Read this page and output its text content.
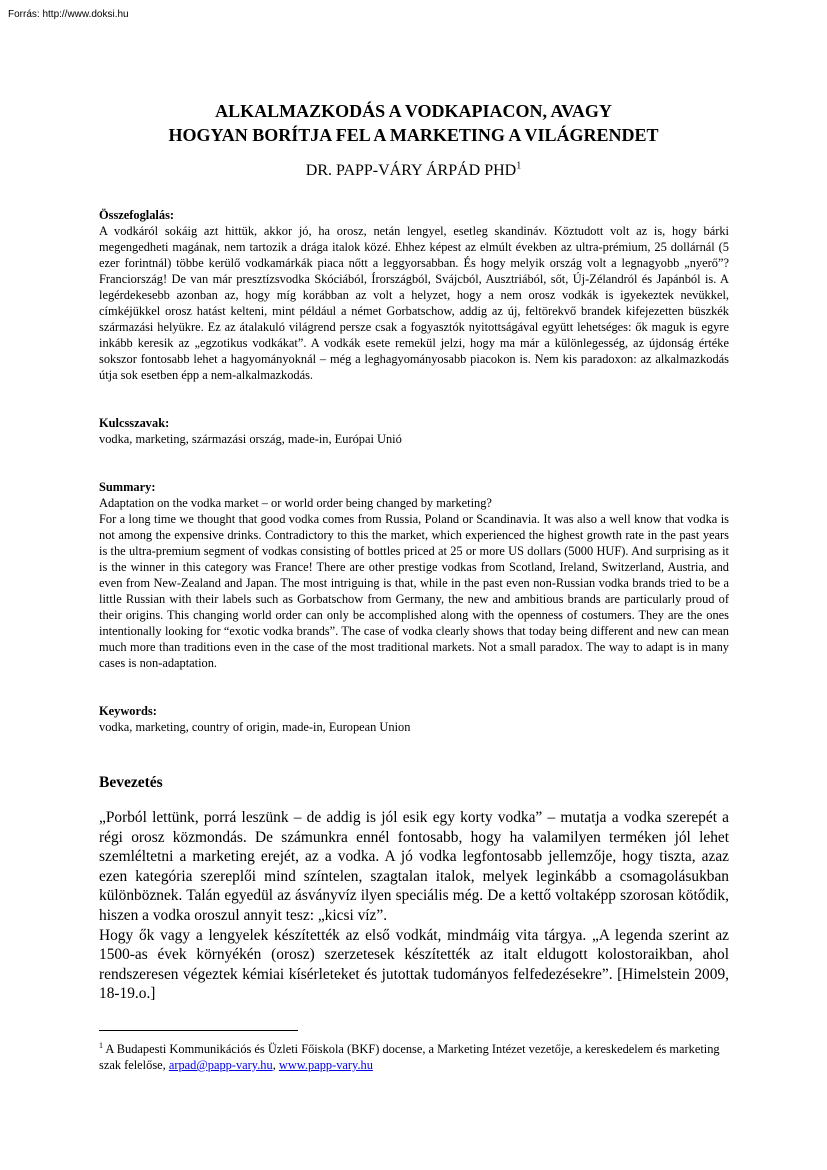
Forrás: http://www.doksi.hu
ALKALMAZKODÁS A VODKAPIACON, AVAGY
HOGYAN BORÍTJA FEL A MARKETING A VILÁGRENDET
DR. PAPP-VÁRY ÁRPÁD PHD$^1$
Összefoglalás:

A vodkáról sokáig azt hittük, akkor jó, ha orosz, netán lengyel, esetleg skandináv. Köztudott volt az is, hogy bárki megengedheti magának, nem tartozik a drága italok közé. Ehhez képest az elmúlt években az ultra-prémium, 25 dollárnál (5 ezer forintnál) többe kerülő vodkamárkák piaca nőtt a leggyorsabban. És hogy melyik ország volt a legnagyobb „nyerő”? Franciország! De van már presztízsvodka Skóciából, Írországból, Svájcból, Ausztriából, sőt, Új-Zélandról és Japánból is. A legérdekesebb azonban az, hogy míg korábban az volt a helyzet, hogy a nem orosz vodkák is igyekeztek nevükkel, címkéjükkel orosz hatást kelteni, mint például a német Gorbatschow, addig az új, feltörekvő brandek kifejezetten büszkék származási helyükre. Ez az átalakuló világrend persze csak a fogyasztók nyitottságával együtt lehetséges: ők maguk is egyre inkább keresik az „egzotikus vodkákat”. A vodkák esete remekül jelzi, hogy ma már a különlegesség, az újdonság értéke sokszor fontosabb lehet a hagyományoknál – még a leghagyományosabb piacokon is. Nem kis paradoxon: az alkalmazkodás útja sok esetben épp a nem-alkalmazkodás.

Kulcsszavak:

vodka, marketing, származási ország, made-in, Európai Unió

Summary:

Adaptation on the vodka market – or world order being changed by marketing?

For a long time we thought that good vodka comes from Russia, Poland or Scandinavia. It was also a well know that vodka is not among the expensive drinks. Contradictory to this the market, which experienced the highest growth rate in the past years is the ultra-premium segment of vodkas consisting of bottles priced at 25 or more US dollars (5000 HUF). And surprising as it is the winner in this category was France! There are other prestige vodkas from Scotland, Ireland, Switzerland, Austria, and even from New-Zealand and Japan. The most intriguing is that, while in the past even non-Russian vodka brands tried to be a little Russian with their labels such as Gorbatschow from Germany, the new and ambitious brands are particularly proud of their origins. This changing world order can only be accomplished along with the openness of costumers. They are the ones intentionally looking for “exotic vodka brands”. The case of vodka clearly shows that today being different and new can mean much more than traditions even in the case of the most traditional markets. Not a small paradox. The way to adapt is in many cases is non-adaptation.

Keywords:

vodka, marketing, country of origin, made-in, European Union

Bevezetés

„Porból lettünk, porrá leszünk – de addig is jól esik egy korty vodka” – mutatja a vodka szerepét a régi orosz közmondás. De számunkra ennél fontosabb, hogy ha valamilyen terméken jól lehet szemléltetni a marketing erejét, az a vodka. A jó vodka legfontosabb jellemzője, hogy tiszta, azaz ezen kategória szereplői mind színtelen, szagtalan italok, melyek leginkább a csomagolásukban különböznek. Talán egyedül az ásványvíz ilyen speciális még. De a kettő voltaképp szorosan kötődik, hiszen a vodka oroszul annyit tesz: „kicsi víz”.

Hogy ők vagy a lengyelek készítették az első vodkát, mindmáig vita tárgya. „A legenda szerint az 1500-as évek környékén (orosz) szerzetesek készítették az italt eldugott kolostoraikban, ahol rendszeresen végeztek kémiai kísérleteket és jutottak tudományos felfedezésekre”. [Himelstein 2009, 18-19.o.]

$^1$ A Budapesti Kommunikációs és Üzleti Főiskola (BKF) docense, a Marketing Intézet vezetője, a kereskedelem és marketing szak felelőse, arpad@papp-vary.hu, www.papp-vary.hu
